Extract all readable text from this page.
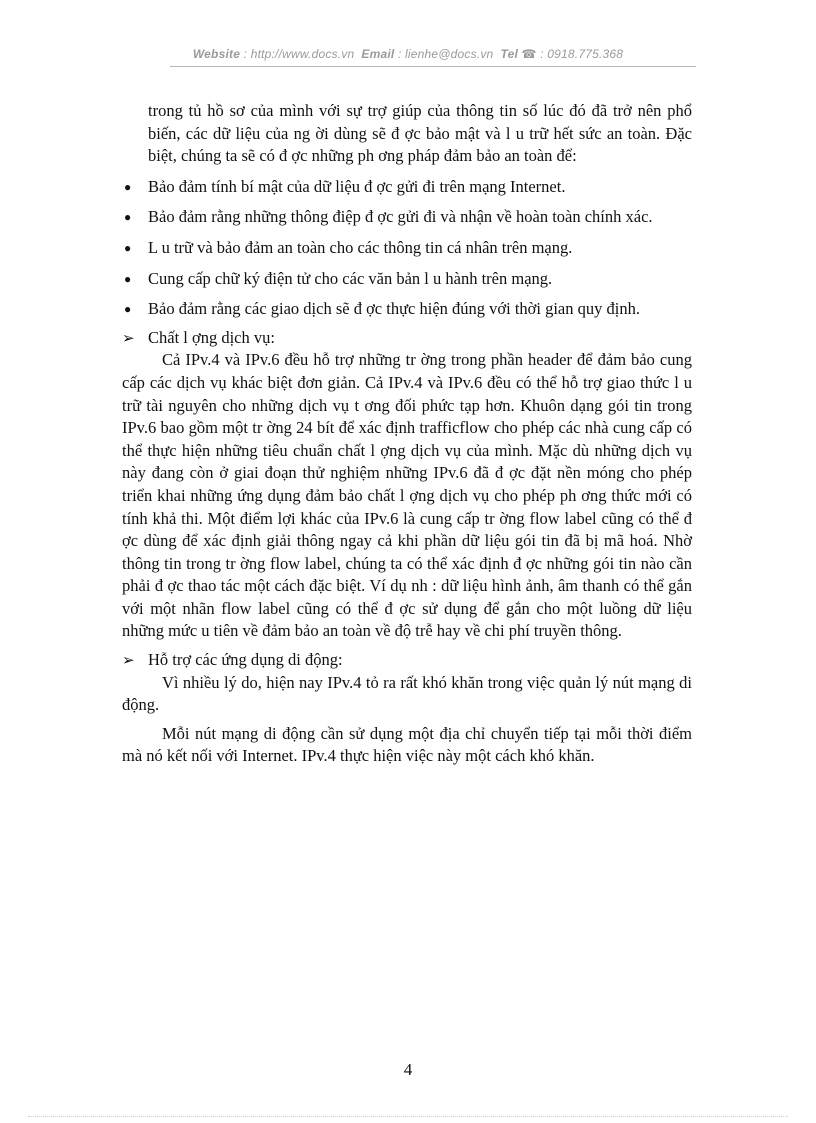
Website : http://www.docs.vn Email : lienhe@docs.vn Tel ☎ : 0918.775.368

trong tủ hồ sơ của mình với sự trợ giúp của thông tin số lúc đó đã trở nên phổ biến, các dữ liệu của ng ời dùng sẽ đ ợc bảo mật và l u trữ hết sức an toàn. Đặc biệt, chúng ta sẽ có đ ợc những ph ơng pháp đảm bảo an toàn để:

● Bảo đảm tính bí mật của dữ liệu đ ợc gửi đi trên mạng Internet.
● Bảo đảm rằng những thông điệp đ ợc gửi đi và nhận về hoàn toàn chính xác.
● L u trữ và bảo đảm an toàn cho các thông tin cá nhân trên mạng.
● Cung cấp chữ ký điện tử cho các văn bản l u hành trên mạng.
● Bảo đảm rằng các giao dịch sẽ đ ợc thực hiện đúng với thời gian quy định.
➢ Chất l ợng dịch vụ:

Cả IPv.4 và IPv.6 đều hỗ trợ những tr ờng trong phần header để đảm bảo cung cấp các dịch vụ khác biệt đơn giản. Cả IPv.4 và IPv.6 đều có thể hỗ trợ giao thức l u trữ tài nguyên cho những dịch vụ t ơng đối phức tạp hơn. Khuôn dạng gói tin trong IPv.6 bao gồm một tr ờng 24 bít để xác định trafficflow cho phép các nhà cung cấp có thể thực hiện những tiêu chuẩn chất l ợng dịch vụ của mình. Mặc dù những dịch vụ này đang còn ở giai đoạn thử nghiệm những IPv.6 đã đ ợc đặt nền móng cho phép triển khai những ứng dụng đảm bảo chất l ợng dịch vụ cho phép ph ơng thức mới có tính khả thi. Một điểm lợi khác của IPv.6 là cung cấp tr ờng flow label cũng có thể đ ợc dùng để xác định giải thông ngay cả khi phần dữ liệu gói tin đã bị mã hoá. Nhờ thông tin trong tr ờng flow label, chúng ta có thể xác định đ ợc những gói tin nào cần phải đ ợc thao tác một cách đặc biệt. Ví dụ nh : dữ liệu hình ảnh, âm thanh có thể gắn với một nhãn flow label cũng có thể đ ợc sử dụng để gắn cho một luồng dữ liệu những mức u tiên về đảm bảo an toàn về độ trễ hay về chi phí truyền thông.

➢ Hỗ trợ các ứng dụng di động:

Vì nhiều lý do, hiện nay IPv.4 tỏ ra rất khó khăn trong việc quản lý nút mạng di động.

Mỗi nút mạng di động cần sử dụng một địa chỉ chuyển tiếp tại mỗi thời điểm mà nó kết nối với Internet. IPv.4 thực hiện việc này một cách khó khăn.

4
